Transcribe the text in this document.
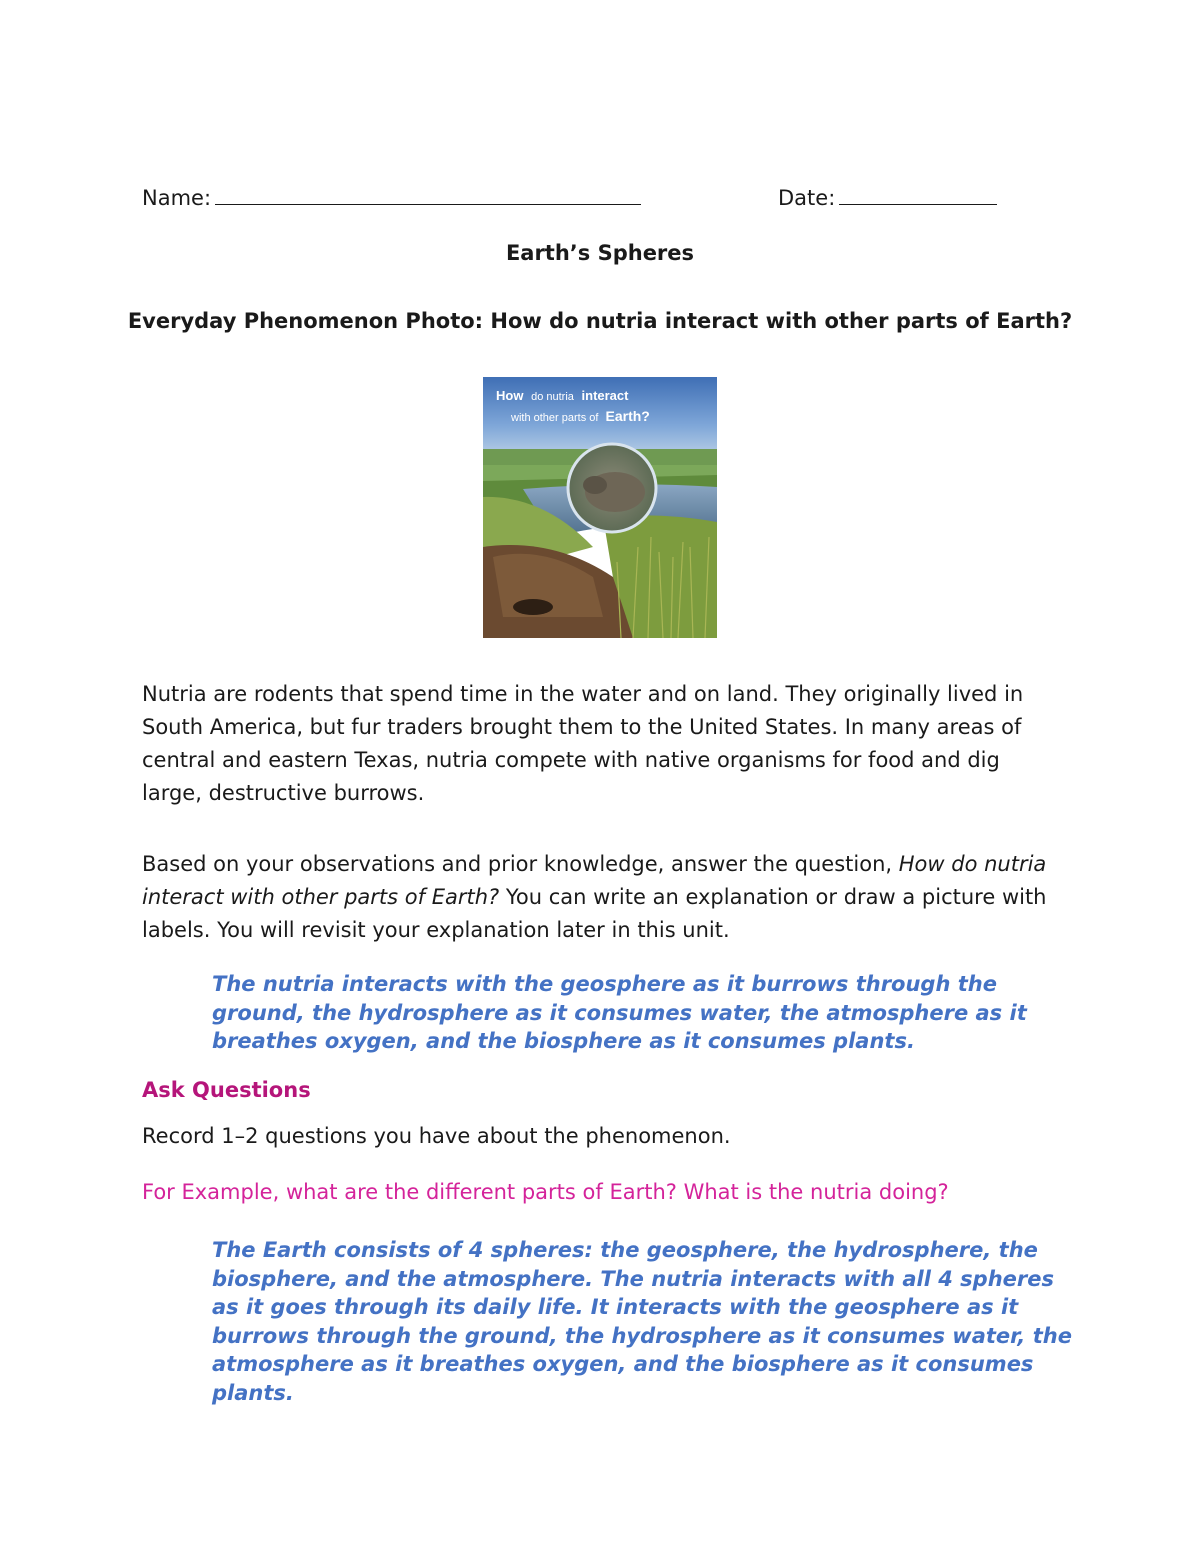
Name:	Date:
Earth’s Spheres
Everyday Phenomenon Photo: How do nutria interact with other parts of Earth?
How do nutria interact
with other parts of Earth?
Nutria are rodents that spend time in the water and on land. They originally lived in South America, but fur traders brought them to the United States. In many areas of central and eastern Texas, nutria compete with native organisms for food and dig large, destructive burrows.
Based on your observations and prior knowledge, answer the question, How do nutria interact with other parts of Earth? You can write an explanation or draw a picture with labels. You will revisit your explanation later in this unit.
The nutria interacts with the geosphere as it burrows through the ground, the hydrosphere as it consumes water, the atmosphere as it breathes oxygen, and the biosphere as it consumes plants.
Ask Questions
Record 1–2 questions you have about the phenomenon.
For Example, what are the different parts of Earth? What is the nutria doing?
The Earth consists of 4 spheres: the geosphere, the hydrosphere, the biosphere, and the atmosphere. The nutria interacts with all 4 spheres as it goes through its daily life. It interacts with the geosphere as it burrows through the ground, the hydrosphere as it consumes water, the atmosphere as it breathes oxygen, and the biosphere as it consumes plants.
